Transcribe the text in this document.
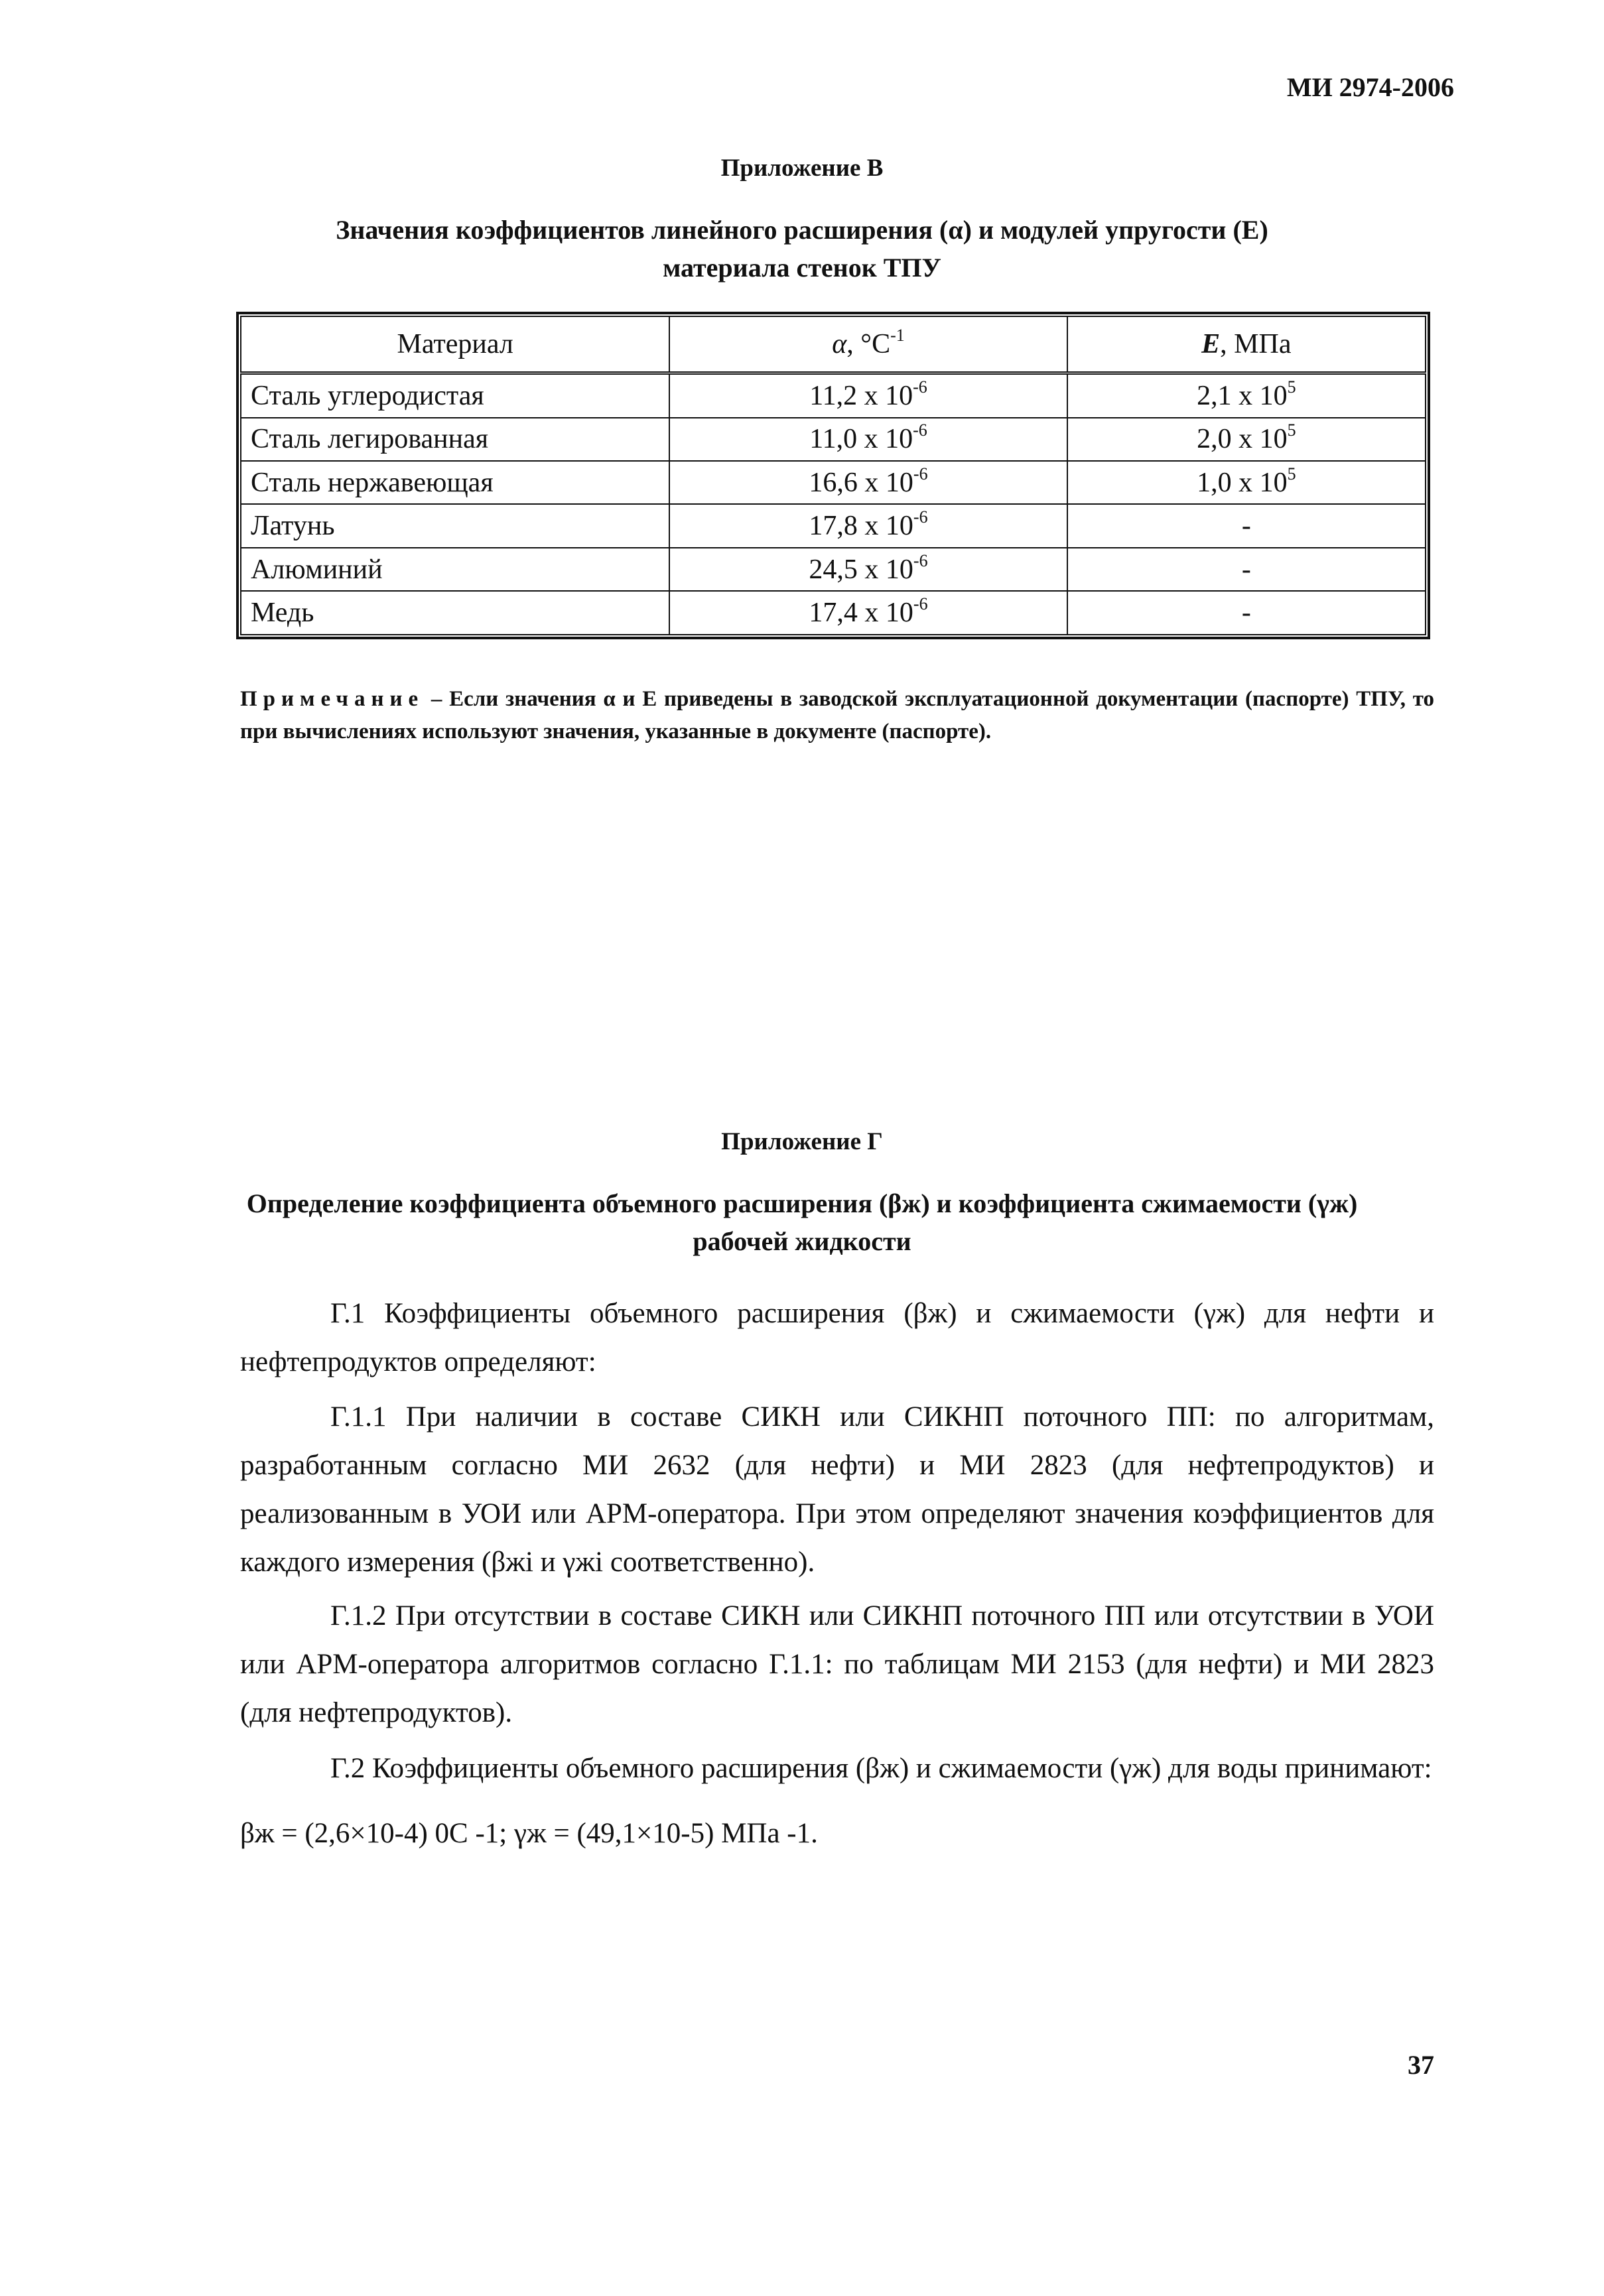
МИ 2974-2006
Приложение В
Значения коэффициентов линейного расширения (α) и модулей упругости (E)
материала стенок ТПУ
Материал	α, $^\circ С^{-1}$	E, МПа
Сталь углеродистая	11,2 x $10^{-6}$	2,1 x $10^5$
Сталь легированная	11,0 x $10^{-6}$	2,0 x $10^5$
Сталь нержавеющая	16,6 x $10^{-6}$	1,0 x $10^5$
Латунь	17,8 x $10^{-6}$	-
Алюминий	24,5 x $10^{-6}$	-
Медь	17,4 x $10^{-6}$	-
Примечание – Если значения α и E приведены в заводской эксплуатационной документации (паспорте) ТПУ, то при вычислениях используют значения, указанные в документе (паспорте).
Приложение Г
Определение коэффициента объемного расширения (βж) и коэффициента сжимаемости (γж)
рабочей жидкости
Г.1 Коэффициенты объемного расширения (βж) и сжимаемости (γж) для нефти и нефтепродуктов определяют:
Г.1.1 При наличии в составе СИКН или СИКНП поточного ПП: по алгоритмам, разработанным согласно МИ 2632 (для нефти) и МИ 2823 (для нефтепродуктов) и реализованным в УОИ или АРМ-оператора. При этом определяют значения коэффициентов для каждого измерения (βжi и γжi соответственно).
Г.1.2 При отсутствии в составе СИКН или СИКНП поточного ПП или отсутствии в УОИ или АРМ-оператора алгоритмов согласно Г.1.1: по таблицам МИ 2153 (для нефти) и МИ 2823 (для нефтепродуктов).
Г.2 Коэффициенты объемного расширения (βж) и сжимаемости (γж) для воды принимают:
βж = (2,6×10-4) 0С -1; γж = (49,1×10-5) МПа -1.
37
